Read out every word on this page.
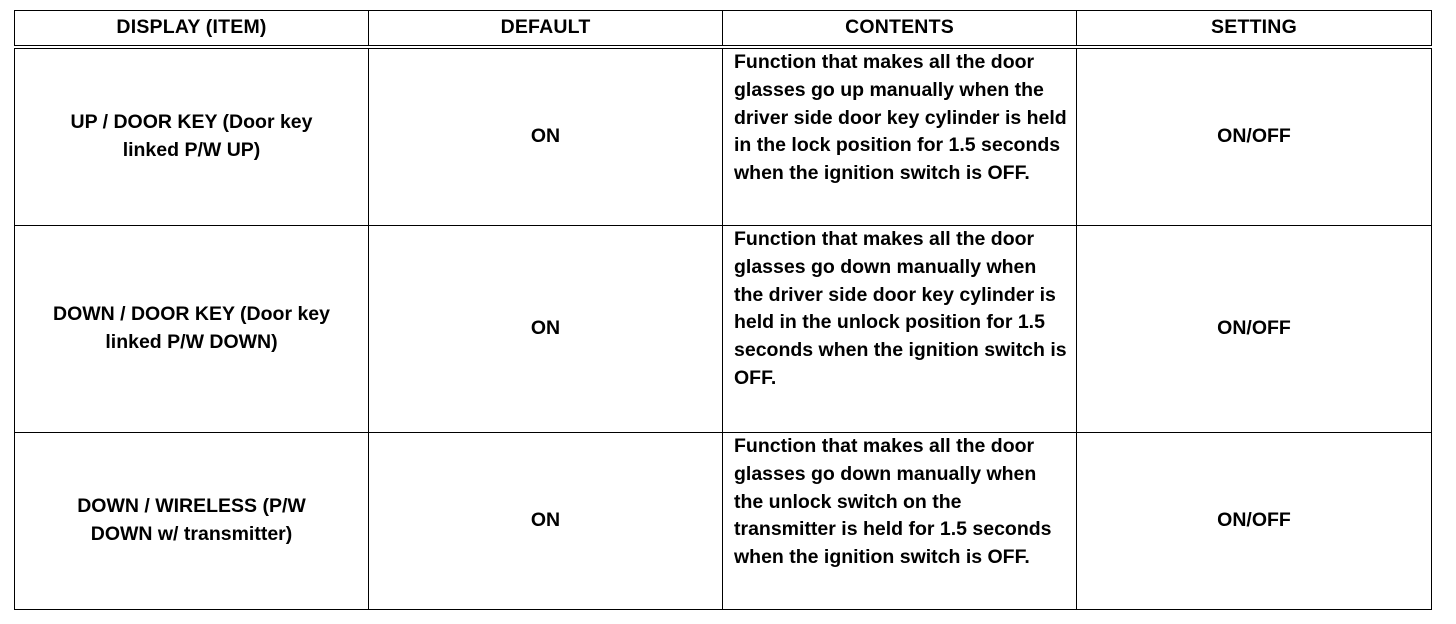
DISPLAY (ITEM)	DEFAULT	CONTENTS	SETTING
UP / DOOR KEY (Door key linked P/W UP)	ON	Function that makes all the door glasses go up manually when the driver side door key cylinder is held in the lock position for 1.5 seconds when the ignition switch is OFF.	ON/OFF
DOWN / DOOR KEY (Door key linked P/W DOWN)	ON	Function that makes all the door glasses go down manually when the driver side door key cylinder is held in the unlock position for 1.5 seconds when the ignition switch is OFF.	ON/OFF
DOWN / WIRELESS (P/W DOWN w/ transmitter)	ON	Function that makes all the door glasses go down manually when the unlock switch on the transmitter is held for 1.5 seconds when the ignition switch is OFF.	ON/OFF
